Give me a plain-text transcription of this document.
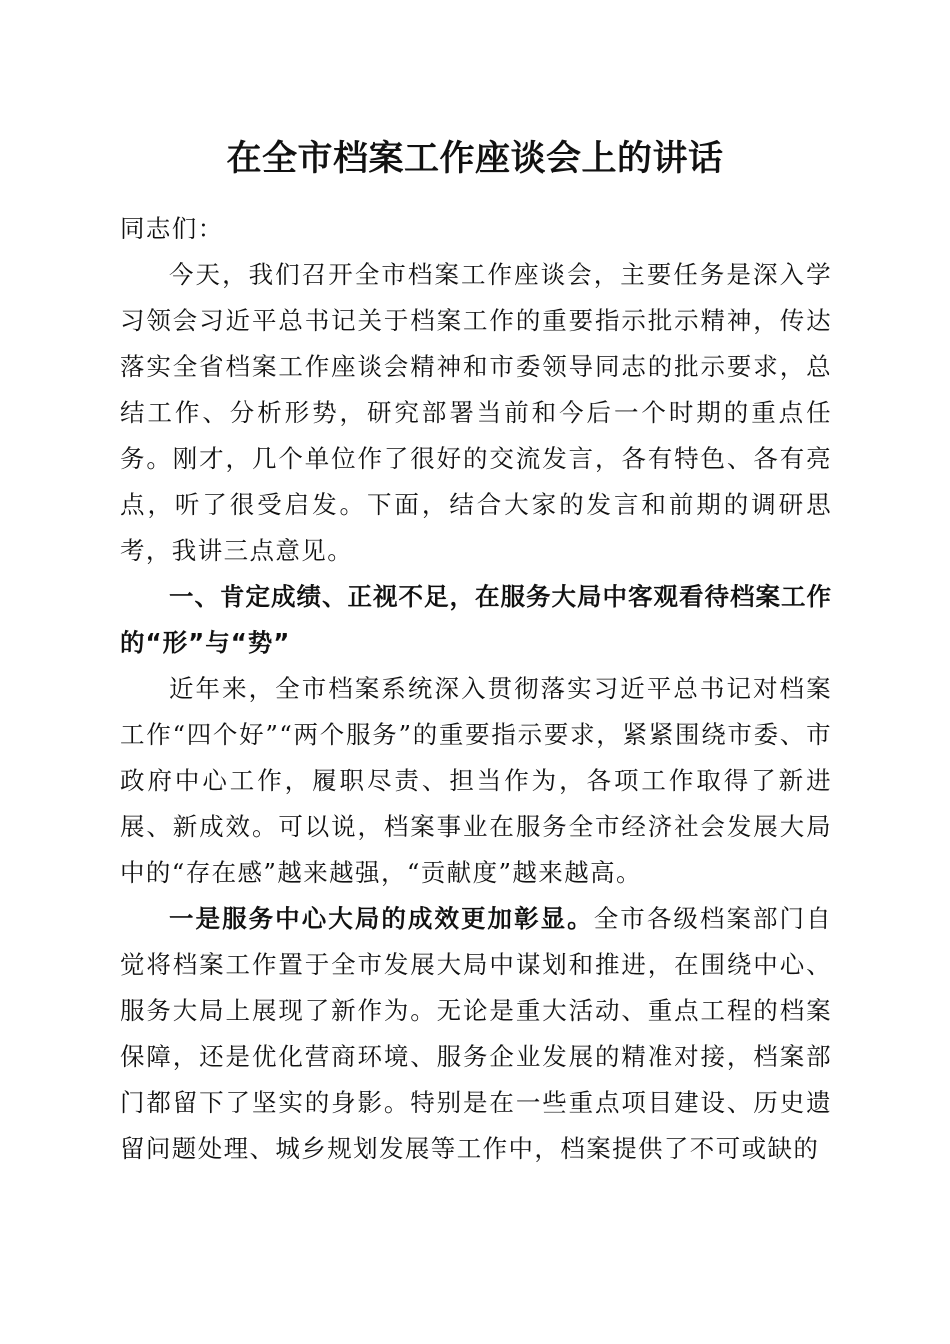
在全市档案工作座谈会上的讲话

同志们：

今天，我们召开全市档案工作座谈会，主要任务是深入学习领会习近平总书记关于档案工作的重要指示批示精神，传达落实全省档案工作座谈会精神和市委领导同志的批示要求，总结工作、分析形势，研究部署当前和今后一个时期的重点任务。刚才，几个单位作了很好的交流发言，各有特色、各有亮点，听了很受启发。下面，结合大家的发言和前期的调研思考，我讲三点意见。

一、肯定成绩、正视不足，在服务大局中客观看待档案工作的“形”与“势”

近年来，全市档案系统深入贯彻落实习近平总书记对档案工作“四个好”“两个服务”的重要指示要求，紧紧围绕市委、市政府中心工作，履职尽责、担当作为，各项工作取得了新进展、新成效。可以说，档案事业在服务全市经济社会发展大局中的“存在感”越来越强，“贡献度”越来越高。

一是服务中心大局的成效更加彰显。全市各级档案部门自觉将档案工作置于全市发展大局中谋划和推进，在围绕中心、服务大局上展现了新作为。无论是重大活动、重点工程的档案保障，还是优化营商环境、服务企业发展的精准对接，档案部门都留下了坚实的身影。特别是在一些重点项目建设、历史遗留问题处理、城乡规划发展等工作中，档案提供了不可或缺的
